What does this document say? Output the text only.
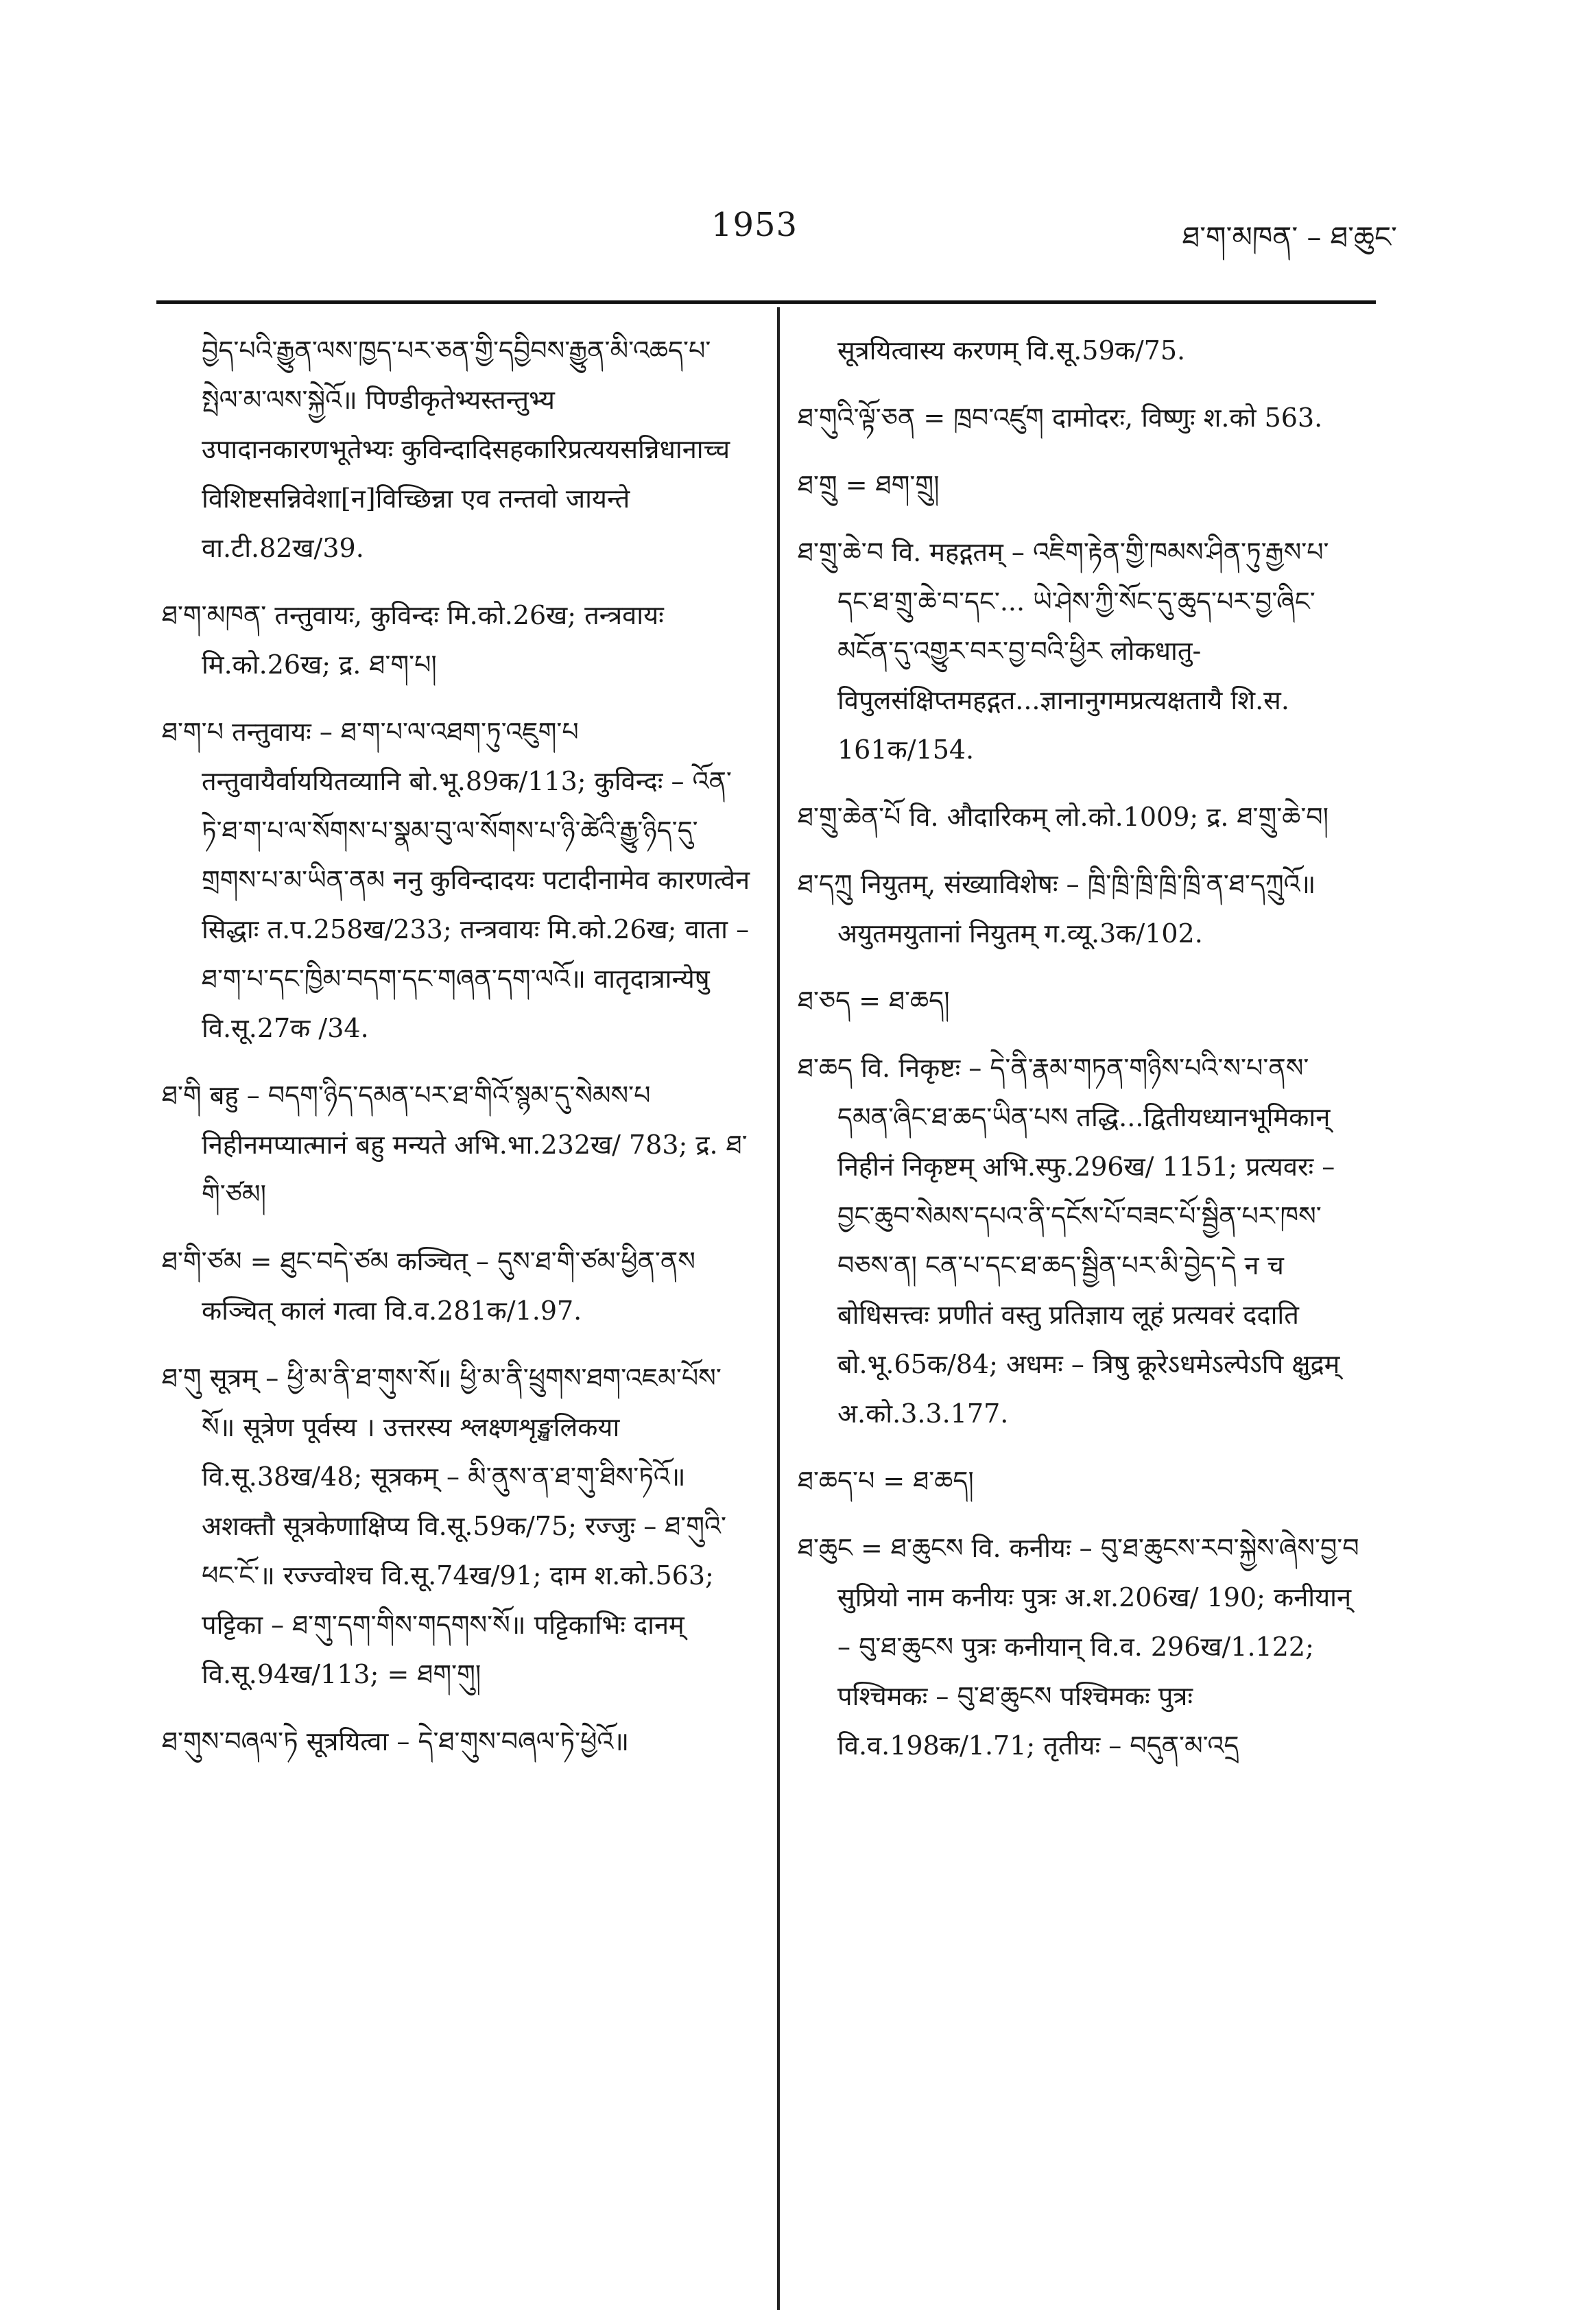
1953	ཐ་ག་མཁན་ – ཐ་ཆུང་

བྱེད་པའི་རྒྱུན་ལས་ཁྱད་པར་ཅན་གྱི་དབྱིབས་རྒྱུན་མི་འཆད་པ་སྤེལ་མ་ལས་སྐྱེའོ॥ पिण्डीकृतेभ्यस्तन्तुभ्य उपादानकारणभूतेभ्यः कुविन्दादिसहकारिप्रत्ययसन्निधानाच्च विशिष्टसन्निवेशा[न]विच्छिन्ना एव तन्तवो जायन्ते वा.टी.82ख/39.

ཐ་ག་མཁན་ तन्तुवायः, कुविन्दः मि.को.26ख; तन्त्रवायः मि.को.26ख; द्र. ཐ་ག་པ།

ཐ་ག་པ तन्तुवायः – ཐ་ག་པ་ལ་འཐག་ཏུ་འཇུག་པ तन्तुवायैर्वाययितव्यानि बो.भू.89क/113; कुविन्दः – འོན་ཏེ་ཐ་ག་པ་ལ་སོགས་པ་སྣམ་བུ་ལ་སོགས་པ་ཉི་ཚེའི་རྒྱུ་ཉིད་དུ་གྲགས་པ་མ་ཡིན་ནམ ननु कुविन्दादयः पटादीनामेव कारणत्वेन सिद्धाः त.प.258ख/233; तन्त्रवायः मि.को.26ख; वाता – ཐ་ག་པ་དང་ཁྱིམ་བདག་དང་གཞན་དག་ལའོ॥ वातृदात्रान्येषु वि.सू.27क /34.

ཐ་གི बहु – བདག་ཉིད་དམན་པར་ཐ་གིའོ་སྙམ་དུ་སེམས་པ निहीनमप्यात्मानं बहु मन्यते अभि.भा.232ख/ 783; द्र. ཐ་གི་ཙམ།

ཐ་གི་ཙམ = ཐུང་བདེ་ཙམ कञ्चित् – དུས་ཐ་གི་ཙམ་ཕྱིན་ནས कञ्चित् कालं गत्वा वि.व.281क/1.97.

ཐ་གུ सूत्रम् – ཕྱི་མ་ནི་ཐ་གུས་སོ॥ ཕྱི་མ་ནི་ཕྲུགས་ཐག་འཇམ་པོས་སོ॥ सूत्रेण पूर्वस्य । उत्तरस्य श्लक्ष्णशृङ्खलिकया वि.सू.38ख/48; सूत्रकम् – མི་ནུས་ན་ཐ་གུ་ཐིས་ཏེའོ॥ अशक्तौ सूत्रकेणाक्षिप्य वि.सू.59क/75; रज्जुः – ཐ་གུའི་ཕང་ངོ་॥ रज्ज्वोश्च वि.सू.74ख/91; दाम श.को.563; पट्टिका – ཐ་གུ་དག་གིས་གདགས་སོ॥ पट्टिकाभिः दानम् वि.सू.94ख/113; = ཐག་གུ།

ཐ་གུས་བཞལ་ཏེ सूत्रयित्वा – དེ་ཐ་གུས་བཞལ་ཏེ་ཕྱེའོ॥

सूत्रयित्वास्य करणम् वि.सू.59क/75.

ཐ་གུའི་ལྟོ་ཅན = ཁྲབ་འཛུག दामोदरः, विष्णुः श.को 563.

ཐ་གྲུ = ཐག་གྲུ།

ཐ་གྲུ་ཆེ་བ वि. महद्गतम् – འཇིག་རྟེན་གྱི་ཁམས་ཤིན་ཏུ་རྒྱས་པ་དང་ཐ་གྲུ་ཆེ་བ་དང་... ཡེ་ཤེས་ཀྱི་སོང་དུ་ཆུད་པར་བྱ་ཞིང་མངོན་དུ་འགྱུར་བར་བྱ་བའི་ཕྱིར लोकधातु- विपुलसंक्षिप्तमहद्गत...ज्ञानानुगमप्रत्यक्षतायै शि.स. 161क/154.

ཐ་གྲུ་ཆེན་པོ वि. औदारिकम् लो.को.1009; द्र. ཐ་གྲུ་ཆེ་བ།

ཐ་དཀྲུ नियुतम्, संख्याविशेषः – ཁྲི་ཁྲི་ཁྲི་ཁྲི་ཁྲི་ན་ཐ་དཀྲུའོ॥ अयुतमयुतानां नियुतम् ग.व्यू.3क/102.

ཐ་ཅད = ཐ་ཆད།

ཐ་ཆད वि. निकृष्टः – དེ་ནི་རྣམ་གཏན་གཉིས་པའི་ས་པ་ནས་དམན་ཞིང་ཐ་ཆད་ཡིན་པས तद्धि...द्वितीयध्यानभूमिकान् निहीनं निकृष्टम् अभि.स्फु.296ख/ 1151; प्रत्यवरः – བྱང་ཆུབ་སེམས་དཔའ་ནི་དངོས་པོ་བཟང་པོ་སྦྱིན་པར་ཁས་བཅས་ན། ངན་པ་དང་ཐ་ཆད་སྦྱིན་པར་མི་བྱེད་དེ न च बोधिसत्त्वः प्रणीतं वस्तु प्रतिज्ञाय लूहं प्रत्यवरं ददाति बो.भू.65क/84; अधमः – त्रिषु क्रूरेऽधमेऽल्पेऽपि क्षुद्रम् अ.को.3.3.177.

ཐ་ཆད་པ = ཐ་ཆད།

ཐ་ཆུང = ཐ་ཆུངས वि. कनीयः – བུ་ཐ་ཆུངས་རབ་སྐྱེས་ཞེས་བྱ་བ सुप्रियो नाम कनीयः पुत्रः अ.श.206ख/ 190; कनीयान् – བུ་ཐ་ཆུངས पुत्रः कनीयान् वि.व. 296ख/1.122; पश्चिमकः – བུ་ཐ་ཆུངས पश्चिमकः पुत्रः वि.व.198क/1.71; तृतीयः – བདུན་མ་འདྲ
